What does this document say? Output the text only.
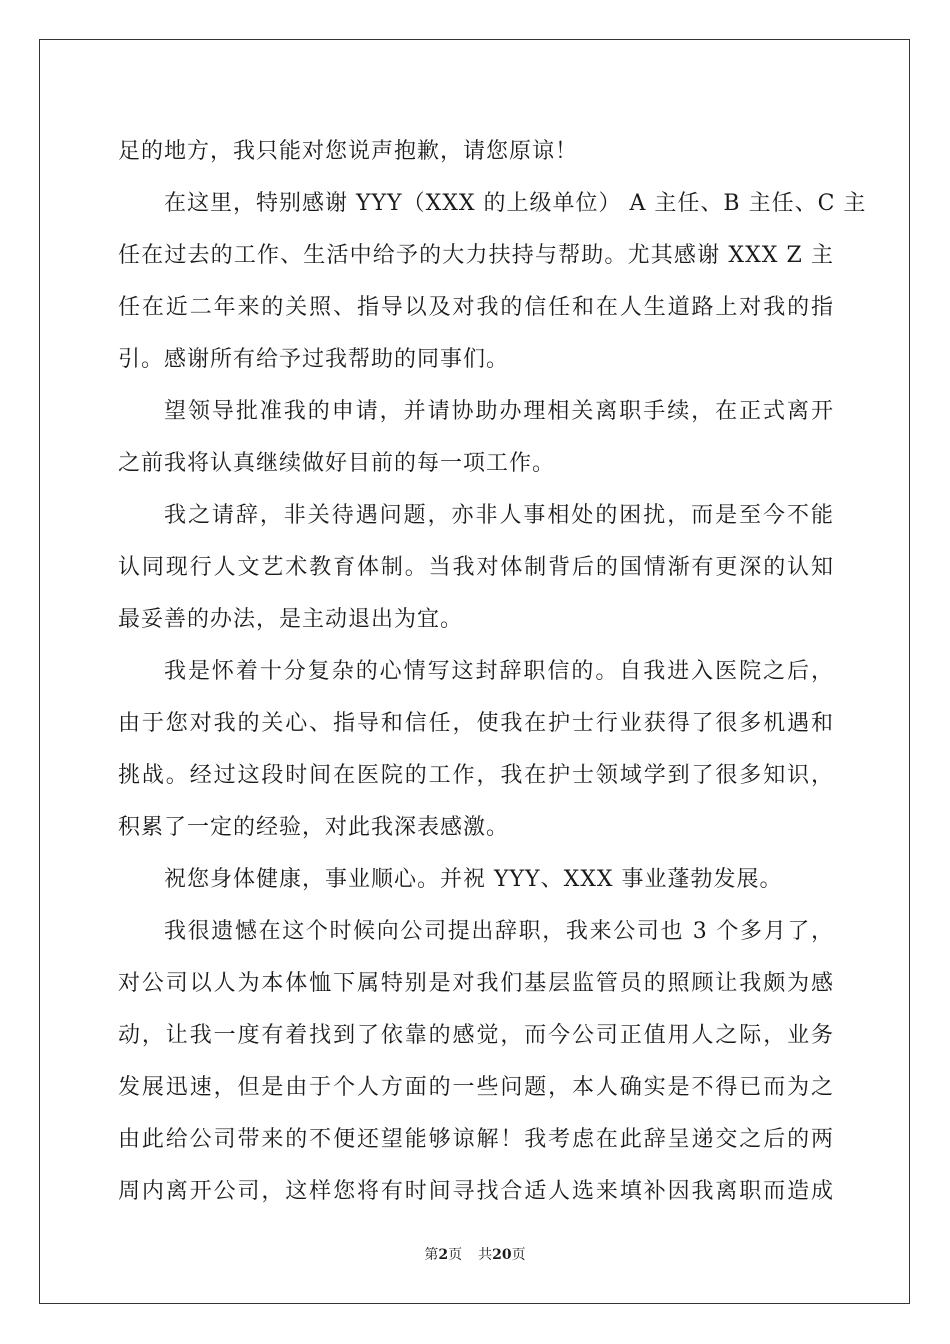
足的地方，我只能对您说声抱歉，请您原谅！
在这里，特别感谢 YYY（XXX 的上级单位） A 主任、B 主任、C 主
任在过去的工作、生活中给予的大力扶持与帮助。尤其感谢 XXX Z 主
任在近二年来的关照、指导以及对我的信任和在人生道路上对我的指
引。感谢所有给予过我帮助的同事们。
望领导批准我的申请，并请协助办理相关离职手续，在正式离开
之前我将认真继续做好目前的每一项工作。
我之请辞，非关待遇问题，亦非人事相处的困扰，而是至今不能
认同现行人文艺术教育体制。当我对体制背后的国情渐有更深的认知
最妥善的办法，是主动退出为宜。
我是怀着十分复杂的心情写这封辞职信的。自我进入医院之后，
由于您对我的关心、指导和信任，使我在护士行业获得了很多机遇和
挑战。经过这段时间在医院的工作，我在护士领域学到了很多知识，
积累了一定的经验，对此我深表感激。
祝您身体健康，事业顺心。并祝 YYY、XXX 事业蓬勃发展。
我很遗憾在这个时候向公司提出辞职，我来公司也 3 个多月了，
对公司以人为本体恤下属特别是对我们基层监管员的照顾让我颇为感
动，让我一度有着找到了依靠的感觉，而今公司正值用人之际，业务
发展迅速，但是由于个人方面的一些问题，本人确实是不得已而为之
由此给公司带来的不便还望能够谅解！我考虑在此辞呈递交之后的两
周内离开公司，这样您将有时间寻找合适人选来填补因我离职而造成
第2页 共20页
